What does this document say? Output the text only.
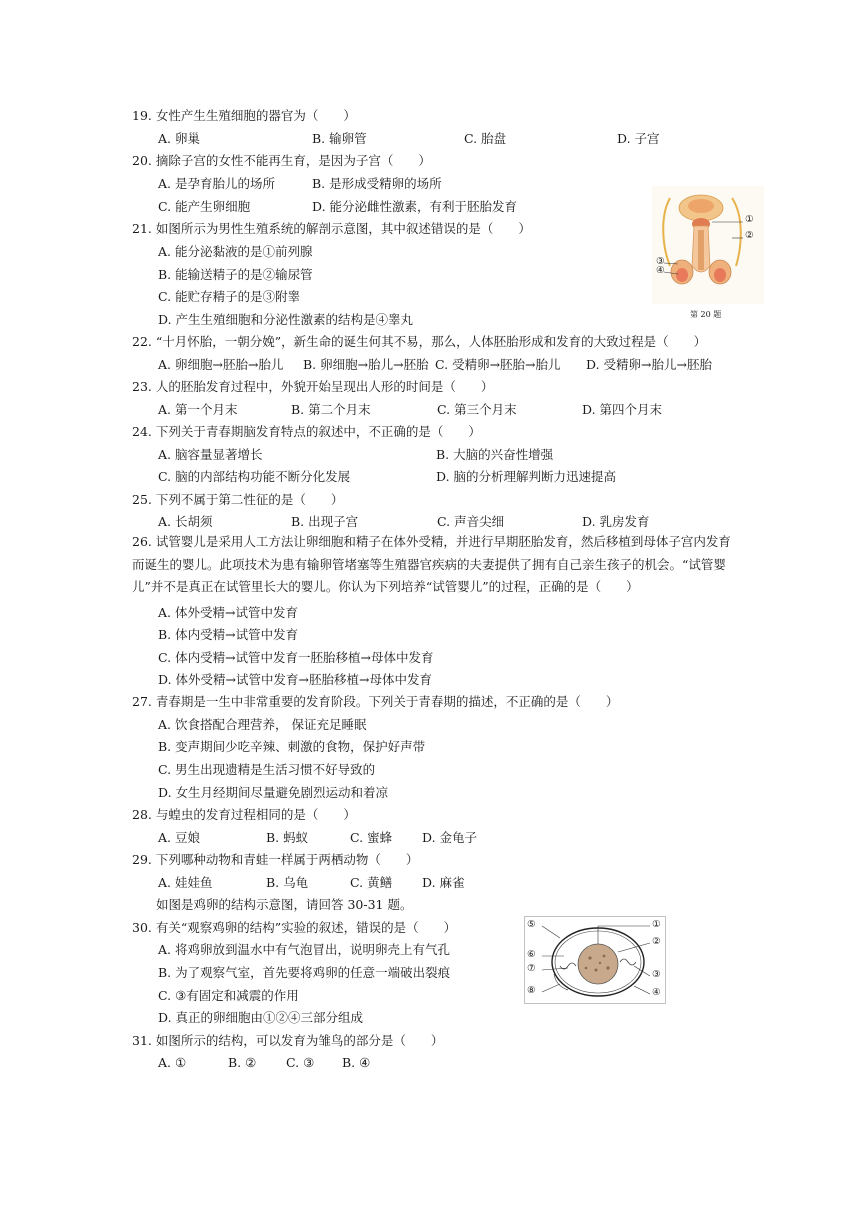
19. 女性产生生殖细胞的器官为（　　）
A. 卵巢	B. 输卵管	C. 胎盘	D. 子宫
20. 摘除子宫的女性不能再生育，是因为子宫（　　）
A. 是孕育胎儿的场所	B. 是形成受精卵的场所
C. 能产生卵细胞	D. 能分泌雌性激素，有利于胚胎发育
21. 如图所示为男性生殖系统的解剖示意图，其中叙述错误的是（　　）
A. 能分泌黏液的是①前列腺
B. 能输送精子的是②输尿管
C. 能贮存精子的是③附睾
D. 产生生殖细胞和分泌性激素的结构是④睾丸
①
②
③
④
第 20 题
22. “十月怀胎，一朝分娩”，新生命的诞生何其不易，那么，人体胚胎形成和发育的大致过程是（　　）
A. 卵细胞→胚胎→胎儿 B. 卵细胞→胎儿→胚胎 C. 受精卵→胚胎→胎儿 D. 受精卵→胎儿→胚胎
23. 人的胚胎发育过程中，外貌开始呈现出人形的时间是（　　）
A. 第一个月末	B. 第二个月末	C. 第三个月末	D. 第四个月末
24. 下列关于青春期脑发育特点的叙述中，不正确的是（　　）
A. 脑容量显著增长	B. 大脑的兴奋性增强
C. 脑的内部结构功能不断分化发展	D. 脑的分析理解判断力迅速提高
25. 下列不属于第二性征的是（　　）
A. 长胡须	B. 出现子宫	C. 声音尖细	D. 乳房发育
26. 试管婴儿是采用人工方法让卵细胞和精子在体外受精，并进行早期胚胎发育，然后移植到母体子宫内发育而诞生的婴儿。此项技术为患有输卵管堵塞等生殖器官疾病的夫妻提供了拥有自己亲生孩子的机会。“试管婴儿”并不是真正在试管里长大的婴儿。你认为下列培养“试管婴儿”的过程，正确的是（　　）
A. 体外受精→试管中发育
B. 体内受精→试管中发育
C. 体内受精→试管中发育一胚胎移植→母体中发育
D. 体外受精→试管中发育→胚胎移植→母体中发育
27. 青春期是一生中非常重要的发育阶段。下列关于青春期的描述，不正确的是（　　）
A. 饮食搭配合理营养， 保证充足睡眠
B. 变声期间少吃辛辣、刺激的食物，保护好声带
C. 男生出现遗精是生活习惯不好导致的
D. 女生月经期间尽量避免剧烈运动和着凉
28. 与蝗虫的发育过程相同的是（　　）
A. 豆娘	B. 蚂蚁	C. 蜜蜂 D. 金龟子
29. 下列哪种动物和青蛙一样属于两栖动物（　　）
A. 娃娃鱼	B. 乌龟	C. 黄鳝 D. 麻雀
如图是鸡卵的结构示意图，请回答 30-31 题。
30. 有关“观察鸡卵的结构”实验的叙述，错误的是（　　）
A. 将鸡卵放到温水中有气泡冒出，说明卵壳上有气孔
B. 为了观察气室，首先要将鸡卵的任意一端破出裂痕
C. ③有固定和减震的作用
D. 真正的卵细胞由①②④三部分组成
⑤
⑥
⑦
⑧
①
②
③
④
31. 如图所示的结构，可以发育为雏鸟的部分是（　　）
A. ①	B. ② C. ③ B. ④
